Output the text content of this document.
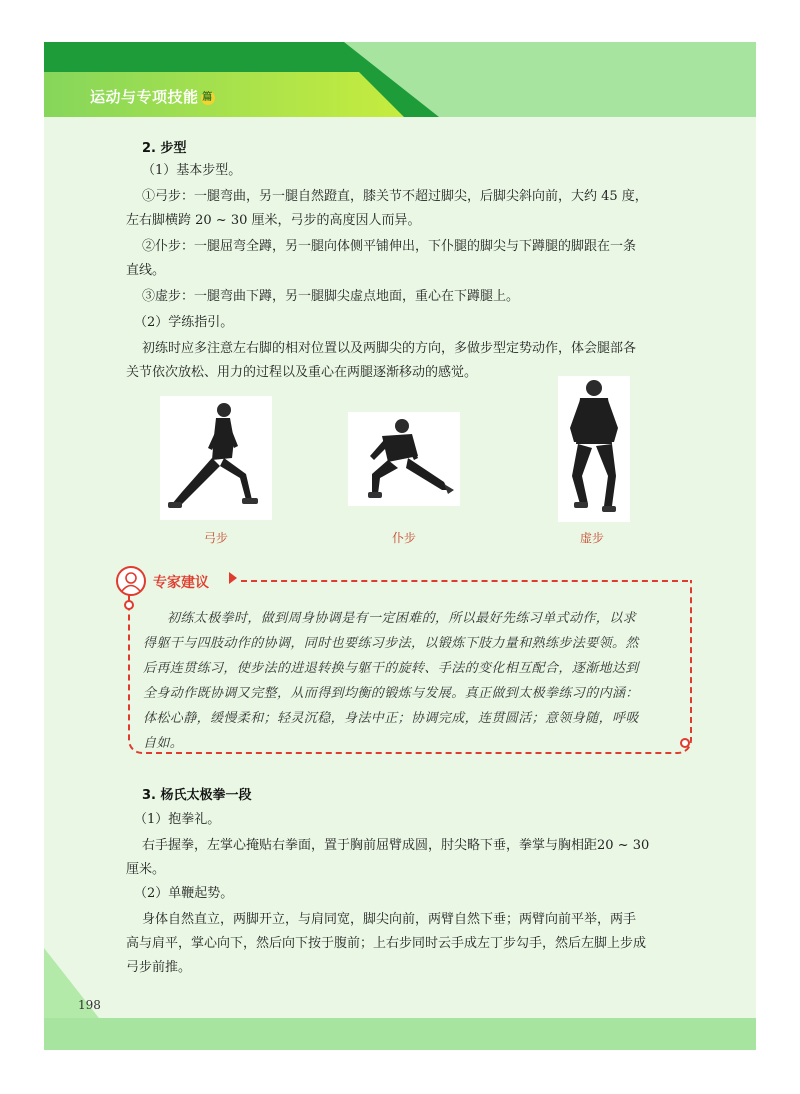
运动与专项技能 篇
2. 步型
（1）基本步型。
①弓步：一腿弯曲，另一腿自然蹬直，膝关节不超过脚尖，后脚尖斜向前，大约 45 度，
左右脚横跨 20 ~ 30 厘米，弓步的高度因人而异。
②仆步：一腿屈弯全蹲，另一腿向体侧平铺伸出，下仆腿的脚尖与下蹲腿的脚跟在一条
直线。
③虚步：一腿弯曲下蹲，另一腿脚尖虚点地面，重心在下蹲腿上。
（2）学练指引。
初练时应多注意左右脚的相对位置以及两脚尖的方向，多做步型定势动作，体会腿部各
关节依次放松、用力的过程以及重心在两腿逐渐移动的感觉。
弓步	仆步	虚步
专家建议
初练太极拳时，做到周身协调是有一定困难的，所以最好先练习单式动作，以求
得躯干与四肢动作的协调，同时也要练习步法，以锻炼下肢力量和熟练步法要领。然
后再连贯练习，使步法的进退转换与躯干的旋转、手法的变化相互配合，逐渐地达到
全身动作既协调又完整，从而得到均衡的锻炼与发展。真正做到太极拳练习的内涵：
体松心静，缓慢柔和；轻灵沉稳，身法中正；协调完成，连贯圆活；意领身随，呼吸
自如。
3. 杨氏太极拳一段
（1）抱拳礼。
右手握拳，左掌心掩贴右拳面，置于胸前屈臂成圆，肘尖略下垂，拳掌与胸相距20 ~ 30
厘米。
（2）单鞭起势。
身体自然直立，两脚开立，与肩同宽，脚尖向前，两臂自然下垂；两臂向前平举，两手
高与肩平，掌心向下，然后向下按于腹前；上右步同时云手成左丁步勾手，然后左脚上步成
弓步前推。
198
